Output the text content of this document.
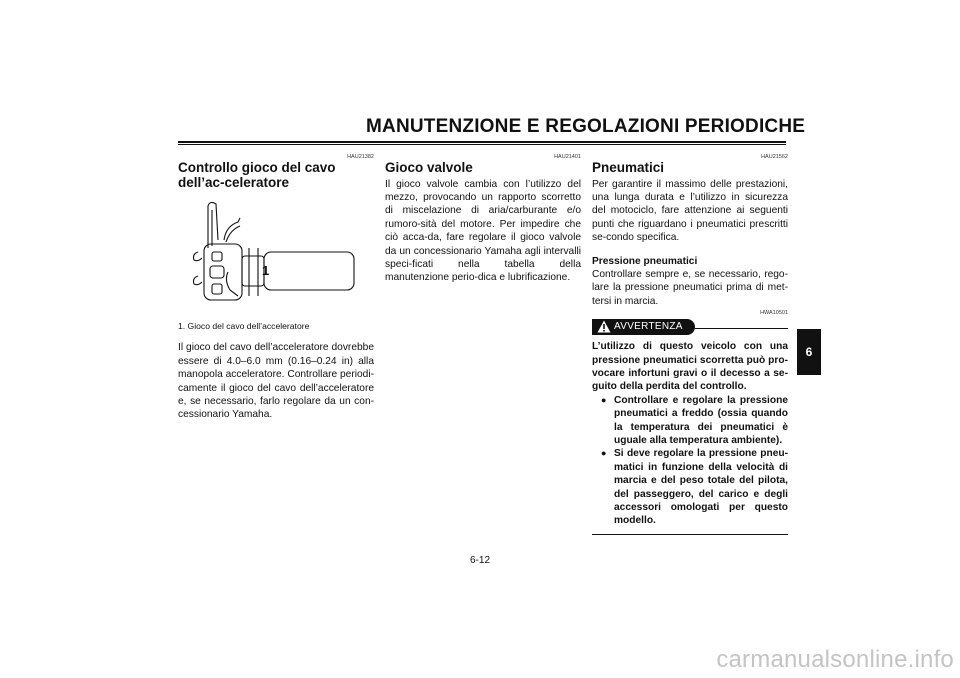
MANUTENZIONE E REGOLAZIONI PERIODICHE
HAU21382
Controllo gioco del cavo dell’ac-celeratore
1
1. Gioco del cavo dell’acceleratore

Il gioco del cavo dell’acceleratore dovrebbe essere di 4.0–6.0 mm (0.16–0.24 in) alla manopola acceleratore. Controllare periodi-camente il gioco del cavo dell’acceleratore e, se necessario, farlo regolare da un con-cessionario Yamaha.

HAU21401
Gioco valvole

Il gioco valvole cambia con l’utilizzo del mezzo, provocando un rapporto scorretto di miscelazione di aria/carburante e/o rumoro-sità del motore. Per impedire che ciò acca-da, fare regolare il gioco valvole da un concessionario Yamaha agli intervalli speci-ficati nella tabella della manutenzione perio-dica e lubrificazione.

HAU21562
Pneumatici

Per garantire il massimo delle prestazioni, una lunga durata e l’utilizzo in sicurezza del motociclo, fare attenzione ai seguenti punti che riguardano i pneumatici prescritti se-condo specifica.

Pressione pneumatici

Controllare sempre e, se necessario, rego-lare la pressione pneumatici prima di met-tersi in marcia.

HWA10501
AVVERTENZA
L’utilizzo di questo veicolo con una pressione pneumatici scorretta può pro-vocare infortuni gravi o il decesso a se-guito della perdita del controllo.
● Controllare e regolare la pressione pneumatici a freddo (ossia quando la temperatura dei pneumatici è uguale alla temperatura ambiente).
● Si deve regolare la pressione pneu-matici in funzione della velocità di marcia e del peso totale del pilota, del passeggero, del carico e degli accessori omologati per questo modello.
6
6-12
carmanualsonline.info
